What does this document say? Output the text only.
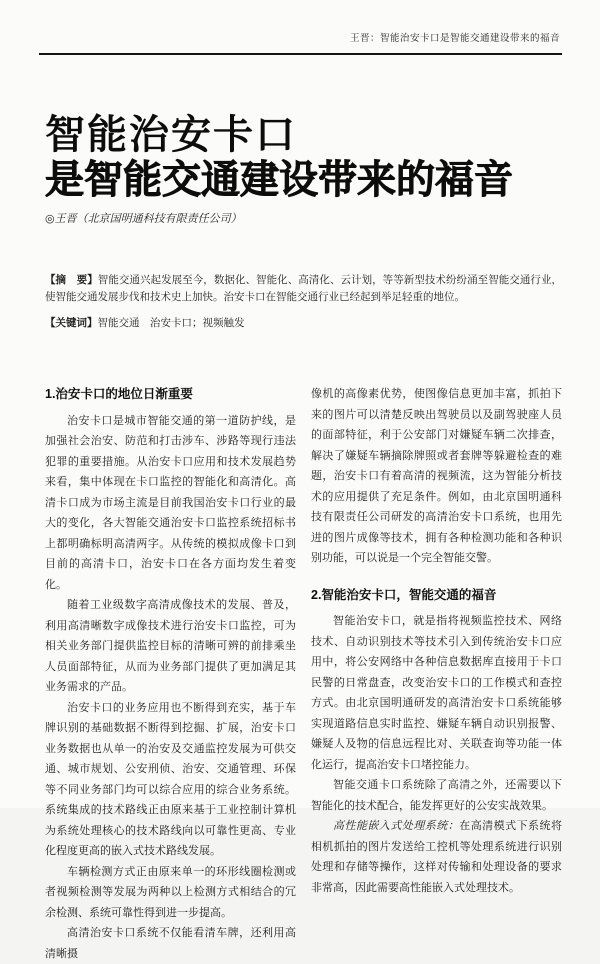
王晋：智能治安卡口是智能交通建设带来的福音
智能治安卡口
是智能交通建设带来的福音
◎王晋（北京国明通科技有限责任公司）

【摘　要】智能交通兴起发展至今，数据化、智能化、高清化、云计划，等等新型技术纷纷涌至智能交通行业，使智能交通发展步伐和技术史上加快。治安卡口在智能交通行业已经起到举足轻重的地位。

【关键词】智能交通　治安卡口；视频触发

1.治安卡口的地位日渐重要

治安卡口是城市智能交通的第一道防护线，是加强社会治安、防范和打击涉车、涉路等现行违法犯罪的重要措施。从治安卡口应用和技术发展趋势来看，集中体现在卡口监控的智能化和高清化。高清卡口成为市场主流是目前我国治安卡口行业的最大的变化，各大智能交通治安卡口监控系统招标书上都明确标明高清两字。从传统的模拟成像卡口到目前的高清卡口，治安卡口在各方面均发生着变化。

随着工业级数字高清成像技术的发展、普及，利用高清晰数字成像技术进行治安卡口监控，可为相关业务部门提供监控目标的清晰可辨的前排乘坐人员面部特征，从而为业务部门提供了更加满足其业务需求的产品。

治安卡口的业务应用也不断得到充实，基于车牌识别的基础数据不断得到挖掘、扩展，治安卡口业务数据也从单一的治安及交通监控发展为可供交通、城市规划、公安刑侦、治安、交通管理、环保等不同业务部门均可以综合应用的综合业务系统。系统集成的技术路线正由原来基于工业控制计算机为系统处理核心的技术路线向以可靠性更高、专业化程度更高的嵌入式技术路线发展。

车辆检测方式正由原来单一的环形线圈检测或者视频检测等发展为两种以上检测方式相结合的冗余检测、系统可靠性得到进一步提高。

高清治安卡口系统不仅能看清车牌，还利用高清晰摄

像机的高像素优势，使图像信息更加丰富，抓拍下来的图片可以清楚反映出驾驶员以及副驾驶座人员的面部特征，利于公安部门对嫌疑车辆二次排查，解决了嫌疑车辆摘除牌照或者套牌等躲避检查的难题，治安卡口有着高清的视频流，这为智能分析技术的应用提供了充足条件。例如，由北京国明通科技有限责任公司研发的高清治安卡口系统，也用先进的图片成像等技术，拥有各种检测功能和各种识别功能，可以说是一个完全智能交警。

2.智能治安卡口，智能交通的福音

智能治安卡口，就是指将视频监控技术、网络技术、自动识别技术等技术引入到传统治安卡口应用中，将公安网络中各种信息数据库直接用于卡口民警的日常盘查，改变治安卡口的工作模式和查控方式。由北京国明通研发的高清治安卡口系统能够实现道路信息实时监控、嫌疑车辆自动识别报警、嫌疑人及物的信息远程比对、关联查询等功能一体化运行，提高治安卡口堵控能力。

智能交通卡口系统除了高清之外，还需要以下智能化的技术配合，能发挥更好的公安实战效果。

高性能嵌入式处理系统：在高清模式下系统将相机抓拍的图片发送给工控机等处理系统进行识别处理和存储等操作，这样对传输和处理设备的要求非常高，因此需要高性能嵌入式处理技术。
